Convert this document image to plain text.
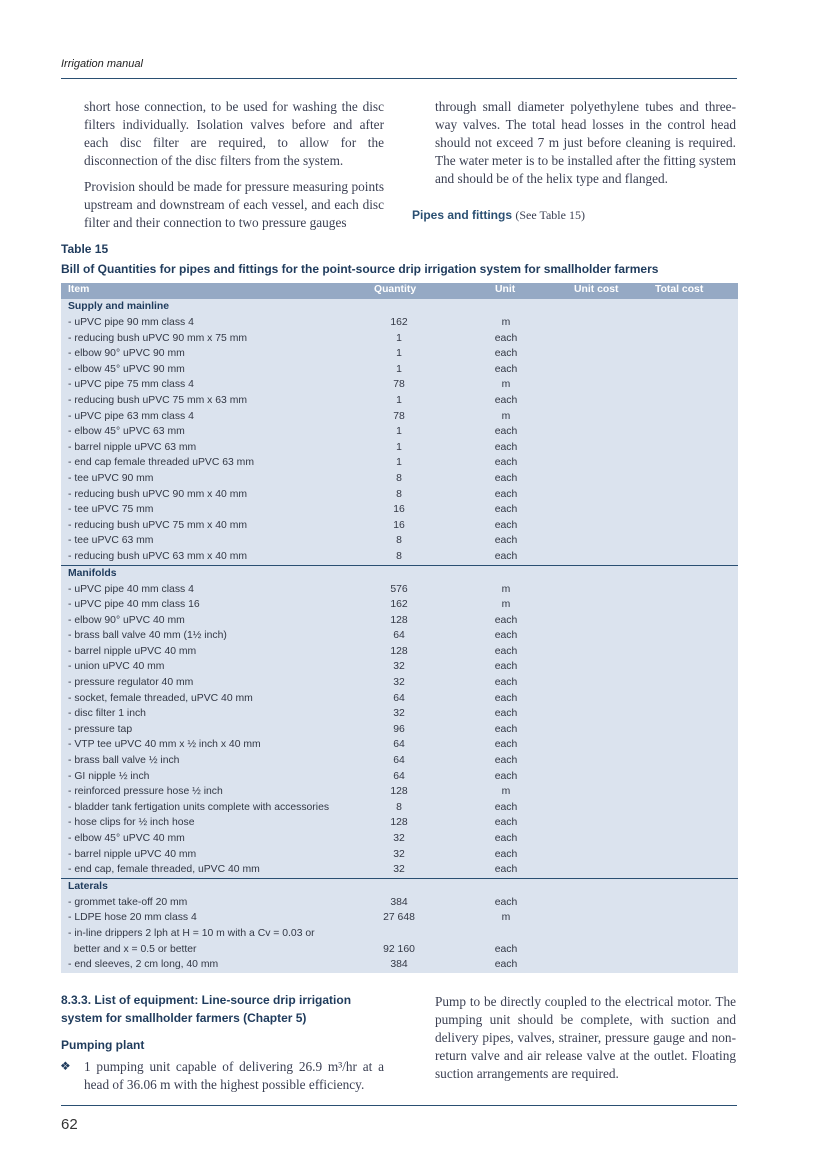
Irrigation manual

short hose connection, to be used for washing the disc filters individually. Isolation valves before and after each disc filter are required, to allow for the disconnection of the disc filters from the system.

Provision should be made for pressure measuring points upstream and downstream of each vessel, and each disc filter and their connection to two pressure gauges

through small diameter polyethylene tubes and three-way valves. The total head losses in the control head should not exceed 7 m just before cleaning is required. The water meter is to be installed after the fitting system and should be of the helix type and flanged.

Pipes and fittings (See Table 15)
Table 15
Bill of Quantities for pipes and fittings for the point-source drip irrigation system for smallholder farmers
Item	Quantity	Unit	Unit cost	Total cost
Supply and mainline
- uPVC pipe 90 mm class 4	162	m
- reducing bush uPVC 90 mm x 75 mm	1	each
- elbow 90° uPVC 90 mm	1	each
- elbow 45° uPVC 90 mm	1	each
- uPVC pipe 75 mm class 4	78	m
- reducing bush uPVC 75 mm x 63 mm	1	each
- uPVC pipe 63 mm class 4	78	m
- elbow 45° uPVC 63 mm	1	each
- barrel nipple uPVC 63 mm	1	each
- end cap female threaded uPVC 63 mm	1	each
- tee uPVC 90 mm	8	each
- reducing bush uPVC 90 mm x 40 mm	8	each
- tee uPVC 75 mm	16	each
- reducing bush uPVC 75 mm x 40 mm	16	each
- tee uPVC 63 mm	8	each
- reducing bush uPVC 63 mm x 40 mm	8	each
Manifolds
- uPVC pipe 40 mm class 4	576	m
- uPVC pipe 40 mm class 16	162	m
- elbow 90° uPVC 40 mm	128	each
- brass ball valve 40 mm (1½ inch)	64	each
- barrel nipple uPVC 40 mm	128	each
- union uPVC 40 mm	32	each
- pressure regulator 40 mm	32	each
- socket, female threaded, uPVC 40 mm	64	each
- disc filter 1 inch	32	each
- pressure tap	96	each
- VTP tee uPVC 40 mm x ½ inch x 40 mm	64	each
- brass ball valve ½ inch	64	each
- GI nipple ½ inch	64	each
- reinforced pressure hose ½ inch	128	m
- bladder tank fertigation units complete with accessories	8	each
- hose clips for ½ inch hose	128	each
- elbow 45° uPVC 40 mm	32	each
- barrel nipple uPVC 40 mm	32	each
- end cap, female threaded, uPVC 40 mm	32	each
Laterals
- grommet take-off 20 mm	384	each
- LDPE hose 20 mm class 4	27 648	m
- in-line drippers 2 lph at H = 10 m with a Cv = 0.03 or
better and x = 0.5 or better	92 160	each
- end sleeves, 2 cm long, 40 mm	384	each
8.3.3. List of equipment: Line-source drip irrigation system for smallholder farmers (Chapter 5)
Pumping plant
❖ 1 pumping unit capable of delivering 26.9 m³/hr at a head of 36.06 m with the highest possible efficiency.

Pump to be directly coupled to the electrical motor. The pumping unit should be complete, with suction and delivery pipes, valves, strainer, pressure gauge and non-return valve and air release valve at the outlet. Floating suction arrangements are required.

62
